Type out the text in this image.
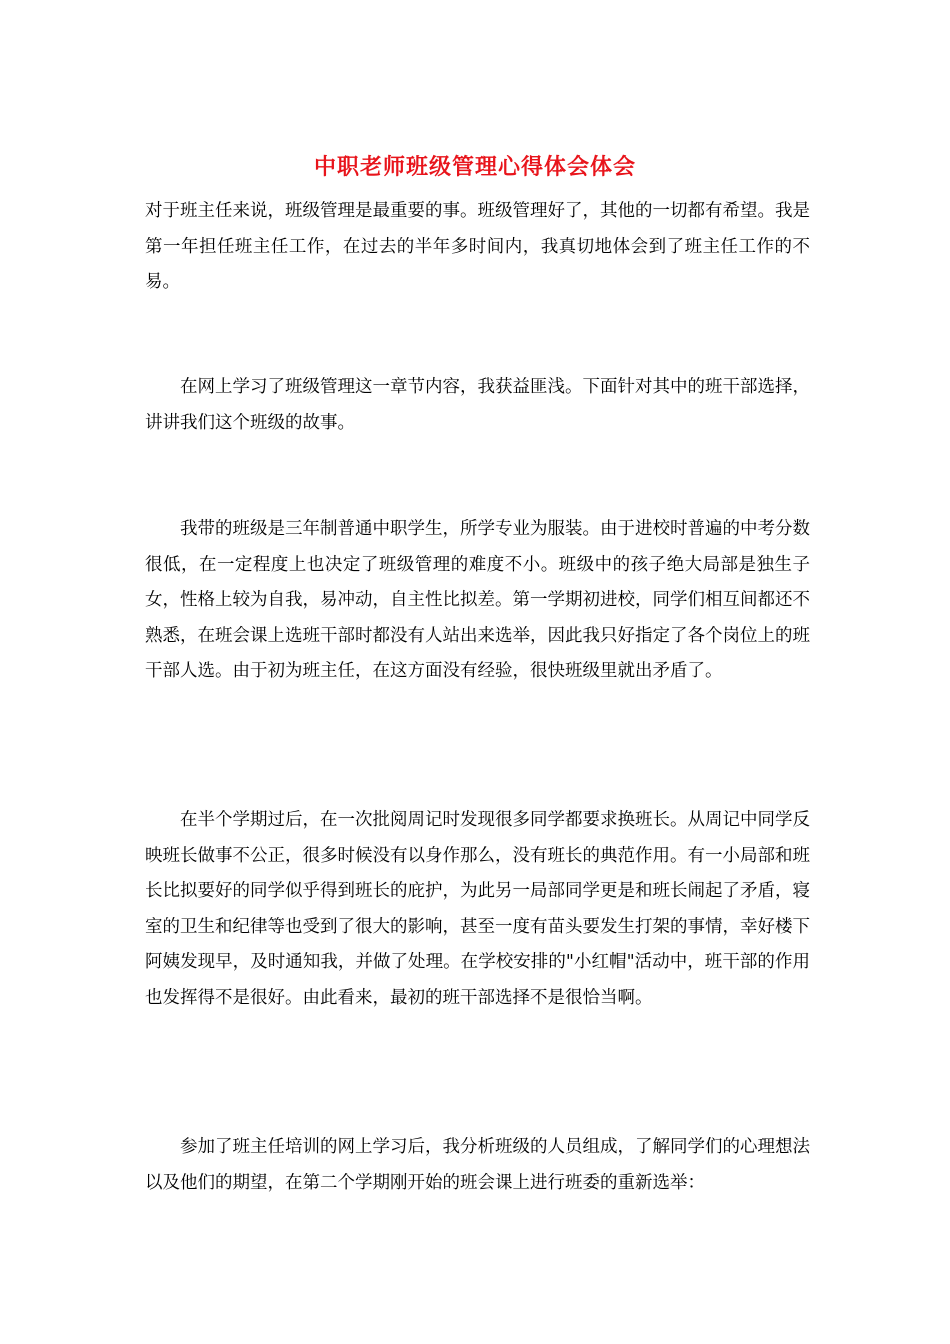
中职老师班级管理心得体会体会

对于班主任来说，班级管理是最重要的事。班级管理好了，其他的一切都有希望。我是第一年担任班主任工作，在过去的半年多时间内，我真切地体会到了班主任工作的不易。

在网上学习了班级管理这一章节内容，我获益匪浅。下面针对其中的班干部选择，讲讲我们这个班级的故事。

我带的班级是三年制普通中职学生，所学专业为服装。由于进校时普遍的中考分数很低，在一定程度上也决定了班级管理的难度不小。班级中的孩子绝大局部是独生子女，性格上较为自我，易冲动，自主性比拟差。第一学期初进校，同学们相互间都还不熟悉，在班会课上选班干部时都没有人站出来选举，因此我只好指定了各个岗位上的班干部人选。由于初为班主任，在这方面没有经验，很快班级里就出矛盾了。

在半个学期过后，在一次批阅周记时发现很多同学都要求换班长。从周记中同学反映班长做事不公正，很多时候没有以身作那么，没有班长的典范作用。有一小局部和班长比拟要好的同学似乎得到班长的庇护，为此另一局部同学更是和班长闹起了矛盾，寝室的卫生和纪律等也受到了很大的影响，甚至一度有苗头要发生打架的事情，幸好楼下阿姨发现早，及时通知我，并做了处理。在学校安排的"小红帽"活动中，班干部的作用也发挥得不是很好。由此看来，最初的班干部选择不是很恰当啊。

参加了班主任培训的网上学习后，我分析班级的人员组成，了解同学们的心理想法以及他们的期望，在第二个学期刚开始的班会课上进行班委的重新选举：
